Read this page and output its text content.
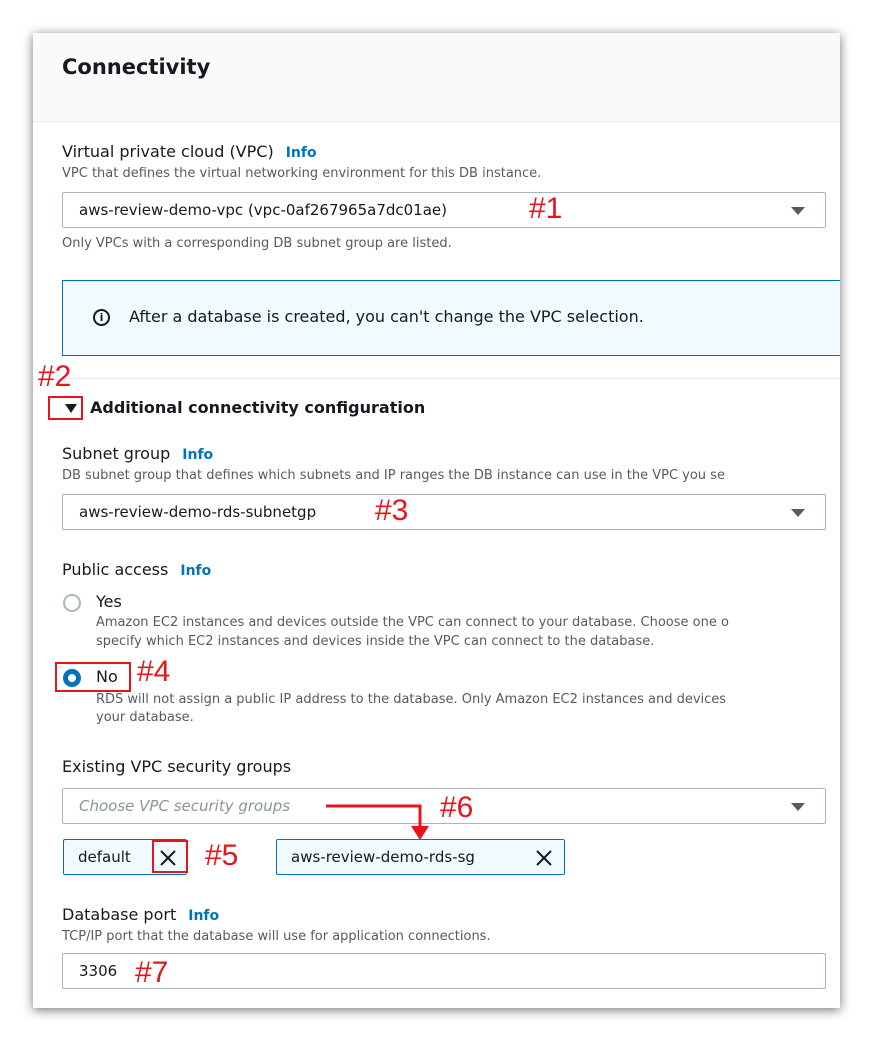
Connectivity
Virtual private cloud (VPC) Info
VPC that defines the virtual networking environment for this DB instance.
aws-review-demo-vpc (vpc-0af267965a7dc01ae)
Only VPCs with a corresponding DB subnet group are listed.
i	After a database is created, you can't change the VPC selection.
Additional connectivity configuration
Subnet group Info
DB subnet group that defines which subnets and IP ranges the DB instance can use in the VPC you se
aws-review-demo-rds-subnetgp
Public access Info
Yes
Amazon EC2 instances and devices outside the VPC can connect to your database. Choose one o
specify which EC2 instances and devices inside the VPC can connect to the database.
No
RDS will not assign a public IP address to the database. Only Amazon EC2 instances and devices
your database.
Existing VPC security groups
Choose VPC security groups
default	aws-review-demo-rds-sg
Database port Info
TCP/IP port that the database will use for application connections.
3306
#1
#2
#3
#4
#5
#6
#7
